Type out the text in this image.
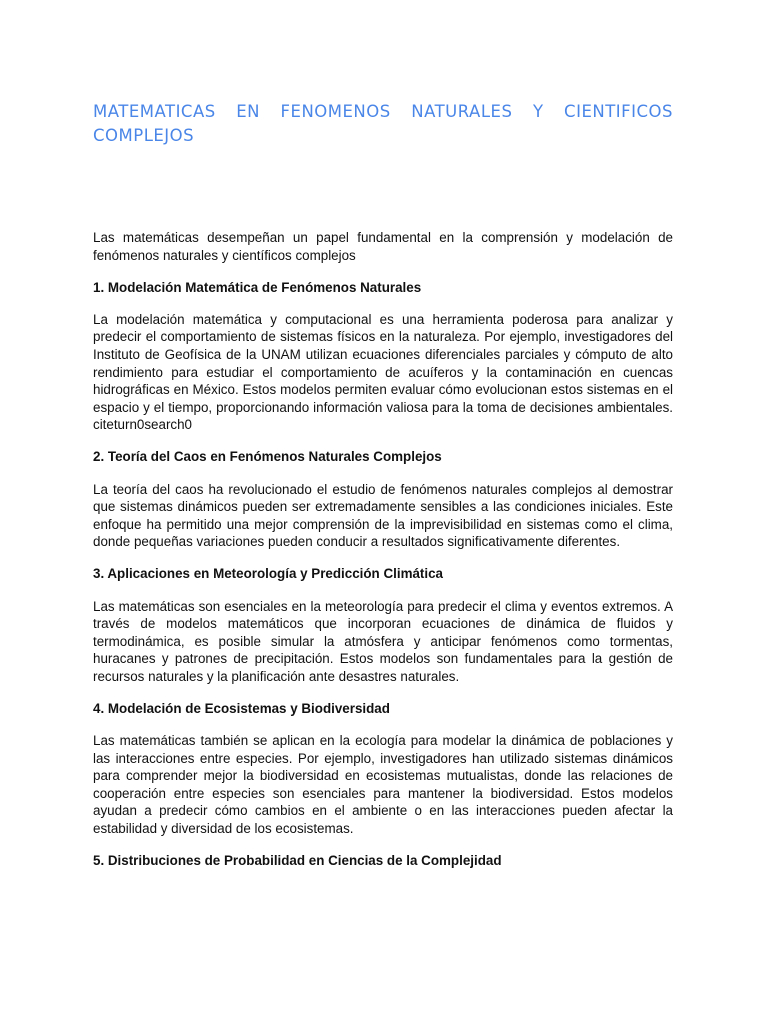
MATEMATICAS EN FENOMENOS NATURALES Y CIENTIFICOS COMPLEJOS

Las matemáticas desempeñan un papel fundamental en la comprensión y modelación de fenómenos naturales y científicos complejos

1. Modelación Matemática de Fenómenos Naturales

La modelación matemática y computacional es una herramienta poderosa para analizar y predecir el comportamiento de sistemas físicos en la naturaleza. Por ejemplo, investigadores del Instituto de Geofísica de la UNAM utilizan ecuaciones diferenciales parciales y cómputo de alto rendimiento para estudiar el comportamiento de acuíferos y la contaminación en cuencas hidrográficas en México. Estos modelos permiten evaluar cómo evolucionan estos sistemas en el espacio y el tiempo, proporcionando información valiosa para la toma de decisiones ambientales. citeturn0search0

2. Teoría del Caos en Fenómenos Naturales Complejos

La teoría del caos ha revolucionado el estudio de fenómenos naturales complejos al demostrar que sistemas dinámicos pueden ser extremadamente sensibles a las condiciones iniciales. Este enfoque ha permitido una mejor comprensión de la imprevisibilidad en sistemas como el clima, donde pequeñas variaciones pueden conducir a resultados significativamente diferentes.

3. Aplicaciones en Meteorología y Predicción Climática

Las matemáticas son esenciales en la meteorología para predecir el clima y eventos extremos. A través de modelos matemáticos que incorporan ecuaciones de dinámica de fluidos y termodinámica, es posible simular la atmósfera y anticipar fenómenos como tormentas, huracanes y patrones de precipitación. Estos modelos son fundamentales para la gestión de recursos naturales y la planificación ante desastres naturales.

4. Modelación de Ecosistemas y Biodiversidad

Las matemáticas también se aplican en la ecología para modelar la dinámica de poblaciones y las interacciones entre especies. Por ejemplo, investigadores han utilizado sistemas dinámicos para comprender mejor la biodiversidad en ecosistemas mutualistas, donde las relaciones de cooperación entre especies son esenciales para mantener la biodiversidad. Estos modelos ayudan a predecir cómo cambios en el ambiente o en las interacciones pueden afectar la estabilidad y diversidad de los ecosistemas.

5. Distribuciones de Probabilidad en Ciencias de la Complejidad
